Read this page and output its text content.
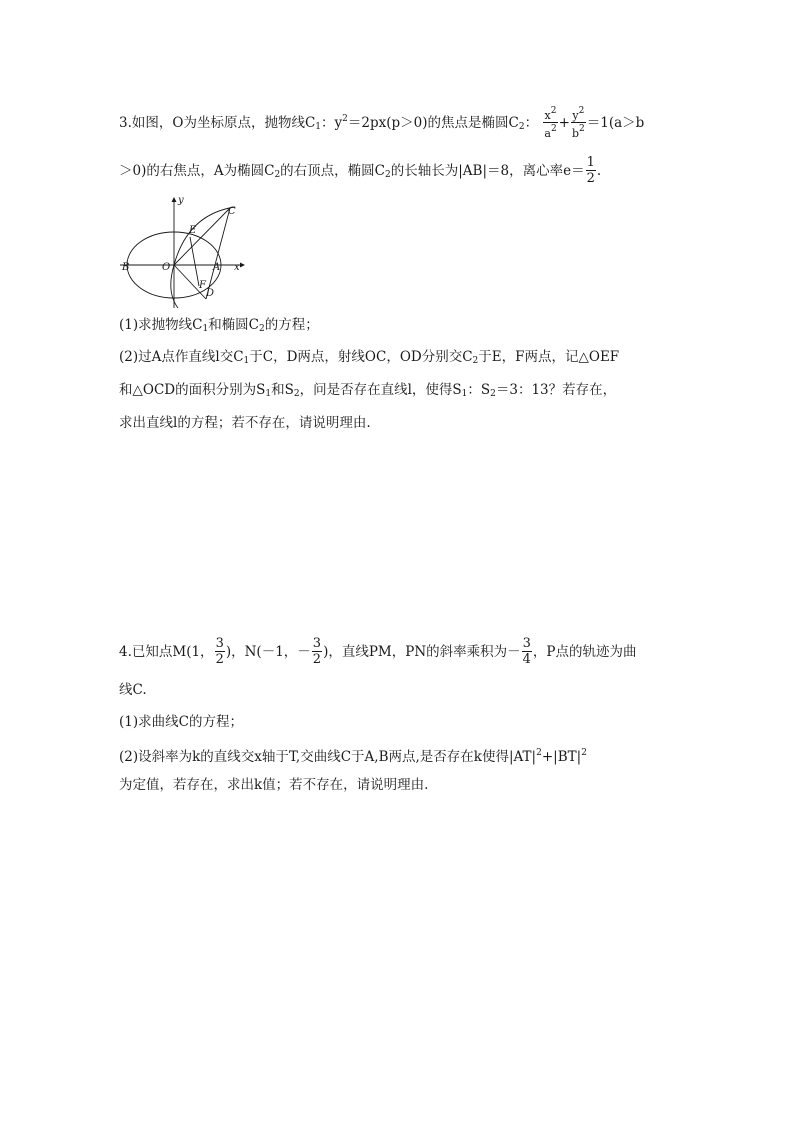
3.如图，O为坐标原点，抛物线$C_1$：$y^2=2px(p>0)$的焦点是椭圆$C_2$： $\frac{x^2}{a^2} + \frac{y^2}{b^2} =1(a>b$
＞0)的右焦点，A为椭圆$C_2$的右顶点，椭圆$C_2$的长轴长为|AB|＝8，离心率$e= \frac{1}{2}$ .
y
x
B	O	A
E
C
F
D
(1)求抛物线$C_1$和椭圆$C_2$的方程；
(2)过A点作直线l交$C_1$于C，D两点，射线OC，OD分别交$C_2$于E，F两点，记△OEF
和△OCD的面积分别为$S_1$和$S_2$，问是否存在直线l，使得$S_1$：$S_2=3$：13？若存在，
求出直线l的方程；若不存在，请说明理由.
4.已知点M(1， $\frac{3}{2}$ )，N(－1，－ $\frac{3}{2}$ )，直线PM，PN的斜率乘积为－ $\frac{3}{4}$ ，P点的轨迹为曲
线C.
(1)求曲线C的方程；
(2)设斜率为k的直线交x轴于T,交曲线C于A,B两点,是否存在k使得$|AT|^2+|BT|^2$
为定值，若存在，求出k值；若不存在，请说明理由.
